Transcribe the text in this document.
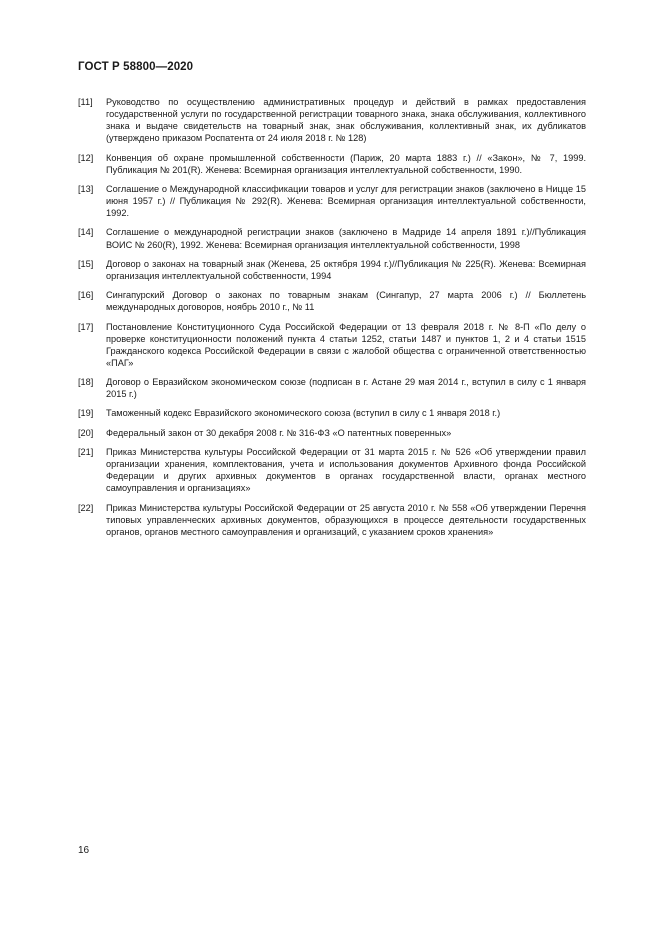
ГОСТ Р 58800—2020
[11]	Руководство по осуществлению административных процедур и действий в рамках предоставления государственной услуги по государственной регистрации товарного знака, знака обслуживания, коллективного знака и выдаче свидетельств на товарный знак, знак обслуживания, коллективный знак, их дубликатов (утверждено приказом Роспатента от 24 июля 2018 г. № 128)
[12]	Конвенция об охране промышленной собственности (Париж, 20 марта 1883 г.) // «Закон», № 7, 1999. Публикация № 201(R). Женева: Всемирная организация интеллектуальной собственности, 1990.
[13]	Соглашение о Международной классификации товаров и услуг для регистрации знаков (заключено в Ницце 15 июня 1957 г.) // Публикация № 292(R). Женева: Всемирная организация интеллектуальной собственности, 1992.
[14]	Соглашение о международной регистрации знаков (заключено в Мадриде 14 апреля 1891 г.)//Публикация ВОИС № 260(R), 1992. Женева: Всемирная организация интеллектуальной собственности, 1998
[15]	Договор о законах на товарный знак (Женева, 25 октября 1994 г.)//Публикация № 225(R). Женева: Всемирная организация интеллектуальной собственности, 1994
[16]	Сингапурский Договор о законах по товарным знакам (Сингапур, 27 марта 2006 г.) // Бюллетень международных договоров, ноябрь 2010 г., № 11
[17]	Постановление Конституционного Суда Российской Федерации от 13 февраля 2018 г. № 8-П «По делу о проверке конституционности положений пункта 4 статьи 1252, статьи 1487 и пунктов 1, 2 и 4 статьи 1515 Гражданского кодекса Российской Федерации в связи с жалобой общества с ограниченной ответственностью «ПАГ»
[18]	Договор о Евразийском экономическом союзе (подписан в г. Астане 29 мая 2014 г., вступил в силу с 1 января 2015 г.)
[19]	Таможенный кодекс Евразийского экономического союза (вступил в силу с 1 января 2018 г.)
[20]	Федеральный закон от 30 декабря 2008 г. № 316-ФЗ «О патентных поверенных»
[21]	Приказ Министерства культуры Российской Федерации от 31 марта 2015 г. № 526 «Об утверждении правил организации хранения, комплектования, учета и использования документов Архивного фонда Российской Федерации и других архивных документов в органах государственной власти, органах местного самоуправления и организациях»
[22]	Приказ Министерства культуры Российской Федерации от 25 августа 2010 г. № 558 «Об утверждении Перечня типовых управленческих архивных документов, образующихся в процессе деятельности государственных органов, органов местного самоуправления и организаций, с указанием сроков хранения»
16
